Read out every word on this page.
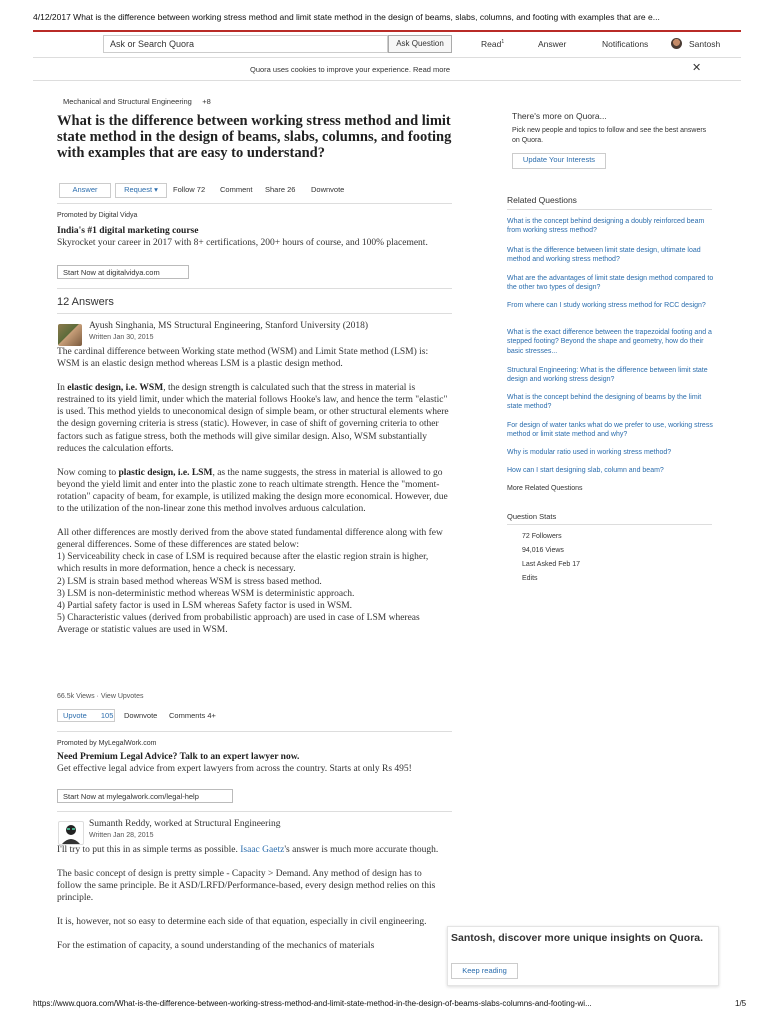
4/12/2017 What is the difference between working stress method and limit state method in the design of beams, slabs, columns, and footing with examples that are e...
Ask or Search Quora	Ask Question	Read$^1$	Answer	Notifications	Santosh
Quora uses cookies to improve your experience. Read more	✕
Mechanical and Structural Engineering     +8
What is the difference between working stress method and limit state method in the design of beams, slabs, columns, and footing with examples that are easy to understand?
Answer	Request ▾	Follow 72 Comment Share 26 Downvote
Promoted by Digital Vidya
India's #1 digital marketing course
Skyrocket your career in 2017 with 8+ certifications, 200+ hours of course, and 100% placement.
Start Now at digitalvidya.com
12 Answers
Ayush Singhania, MS Structural Engineering, Stanford University (2018)
Written Jan 30, 2015

The cardinal difference between Working state method (WSM) and Limit State method (LSM) is: WSM is an elastic design method whereas LSM is a plastic design method.

In elastic design, i.e. WSM, the design strength is calculated such that the stress in material is restrained to its yield limit, under which the material follows Hooke's law, and hence the term "elastic" is used. This method yields to uneconomical design of simple beam, or other structural elements where the design governing criteria is stress (static). However, in case of shift of governing criteria to other factors such as fatigue stress, both the methods will give similar design. Also, WSM substantially reduces the calculation efforts.

Now coming to plastic design, i.e. LSM, as the name suggests, the stress in material is allowed to go beyond the yield limit and enter into the plastic zone to reach ultimate strength. Hence the "moment-rotation" capacity of beam, for example, is utilized making the design more economical. However, due to the utilization of the non-linear zone this method involves arduous calculation.

All other differences are mostly derived from the above stated fundamental difference along with few general differences. Some of these differences are stated below:
1) Serviceability check in case of LSM is required because after the elastic region strain is higher, which results in more deformation, hence a check is necessary.
2) LSM is strain based method whereas WSM is stress based method.
3) LSM is non-deterministic method whereas WSM is deterministic approach.
4) Partial safety factor is used in LSM whereas Safety factor is used in WSM.
5) Characteristic values (derived from probabilistic approach) are used in case of LSM whereas Average or statistic values are used in WSM.

66.5k Views · View Upvotes
Upvote 105 Downvote Comments 4+
Promoted by MyLegalWork.com
Need Premium Legal Advice? Talk to an expert lawyer now.
Get effective legal advice from expert lawyers from across the country. Starts at only Rs 495!
Start Now at mylegalwork.com/legal-help
Sumanth Reddy, worked at Structural Engineering
Written Jan 28, 2015

I'll try to put this in as simple terms as possible. Isaac Gaetz's answer is much more accurate though.

The basic concept of design is pretty simple - Capacity > Demand. Any method of design has to follow the same principle. Be it ASD/LRFD/Performance-based, every design method relies on this principle.

It is, however, not so easy to determine each side of that equation, especially in civil engineering.

For the estimation of capacity, a sound understanding of the mechanics of materials

There's more on Quora...
Pick new people and topics to follow and see the best answers on Quora.
Update Your Interests
Related Questions
What is the concept behind designing a doubly reinforced beam from working stress method?
What is the difference between limit state design, ultimate load method and working stress method?
What are the advantages of limit state design method compared to the other two types of design?
From where can I study working stress method for RCC design?
What is the exact difference between the trapezoidal footing and a stepped footing? Beyond the shape and geometry, how do their basic stresses...
Structural Engineering: What is the difference between limit state design and working stress design?
What is the concept behind the designing of beams by the limit state method?
For design of water tanks what do we prefer to use, working stress method or limit state method and why?
Why is modular ratio used in working stress method?
How can I start designing slab, column and beam?
More Related Questions
Question Stats
72 Followers
94,016 Views
Last Asked Feb 17
Edits
Santosh, discover more unique insights on Quora.
Keep reading
https://www.quora.com/What-is-the-difference-between-working-stress-method-and-limit-state-method-in-the-design-of-beams-slabs-columns-and-footing-wi...	1/5
